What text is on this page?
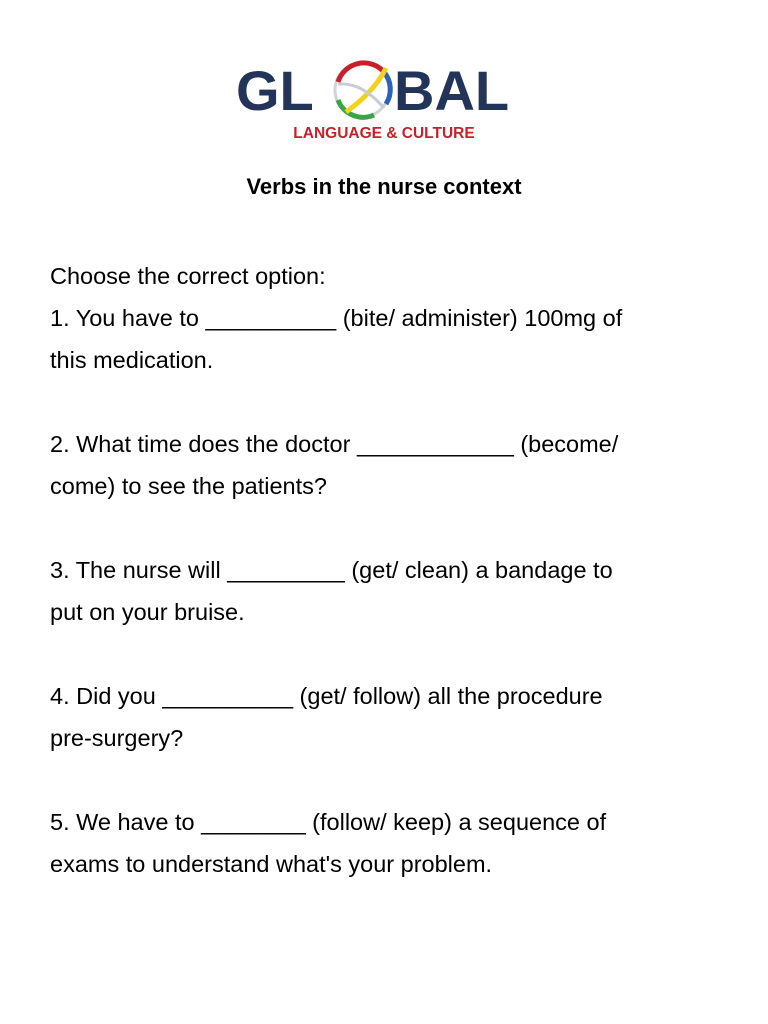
GL BAL
LANGUAGE & CULTURE
Verbs in the nurse context

Choose the correct option:

1. You have to __________ (bite/ administer) 100mg of

this medication.

2. What time does the doctor ____________ (become/

come) to see the patients?

3. The nurse will _________ (get/ clean) a bandage to

put on your bruise.

4. Did you __________ (get/ follow) all the procedure

pre-surgery?

5. We have to ________ (follow/ keep) a sequence of

exams to understand what's your problem.
